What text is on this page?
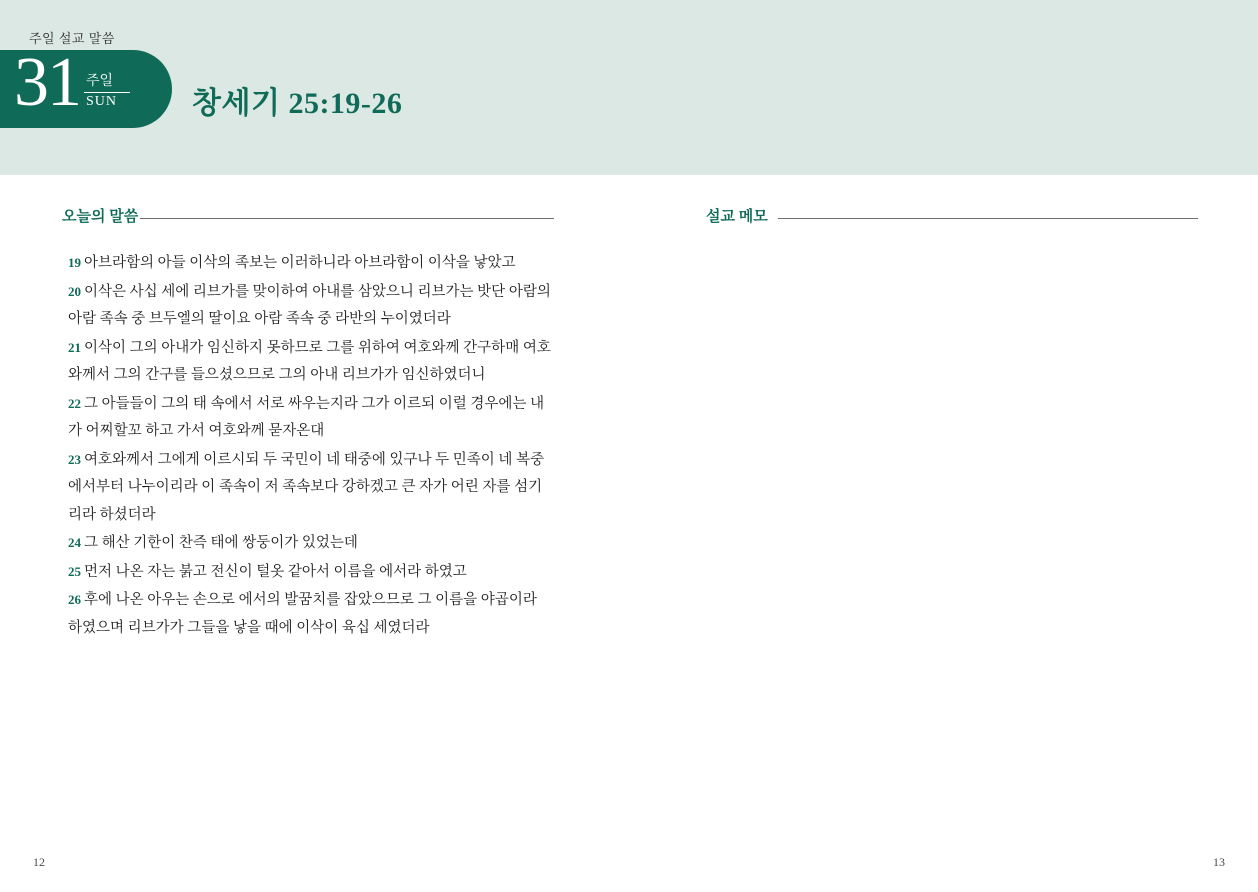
주일 설교 말씀
31 주일
SUN 창세기 25:19-26
오늘의 말씀
19 아브라함의 아들 이삭의 족보는 이러하니라 아브라함이 이삭을 낳았고
20 이삭은 사십 세에 리브가를 맞이하여 아내를 삼았으니 리브가는 밧단 아람의 아람 족속 중 브두엘의 딸이요 아람 족속 중 라반의 누이였더라
21 이삭이 그의 아내가 임신하지 못하므로 그를 위하여 여호와께 간구하매 여호와께서 그의 간구를 들으셨으므로 그의 아내 리브가가 임신하였더니
22 그 아들들이 그의 태 속에서 서로 싸우는지라 그가 이르되 이럴 경우에는 내가 어찌할꼬 하고 가서 여호와께 묻자온대
23 여호와께서 그에게 이르시되 두 국민이 네 태중에 있구나 두 민족이 네 복중에서부터 나누이리라 이 족속이 저 족속보다 강하겠고 큰 자가 어린 자를 섬기리라 하셨더라
24 그 해산 기한이 찬즉 태에 쌍둥이가 있었는데
25 먼저 나온 자는 붉고 전신이 털옷 같아서 이름을 에서라 하였고
26 후에 나온 아우는 손으로 에서의 발꿈치를 잡았으므로 그 이름을 야곱이라 하였으며 리브가가 그들을 낳을 때에 이삭이 육십 세였더라
설교 메모
12	13
